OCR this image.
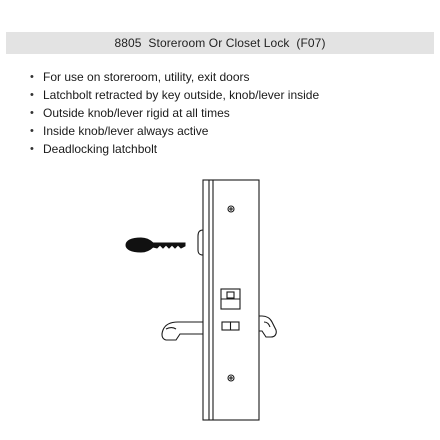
8805  Storeroom Or Closet Lock  (F07)
• For use on storeroom, utility, exit doors
• Latchbolt retracted by key outside, knob/lever inside
• Outside knob/lever rigid at all times
• Inside knob/lever always active
• Deadlocking latchbolt
